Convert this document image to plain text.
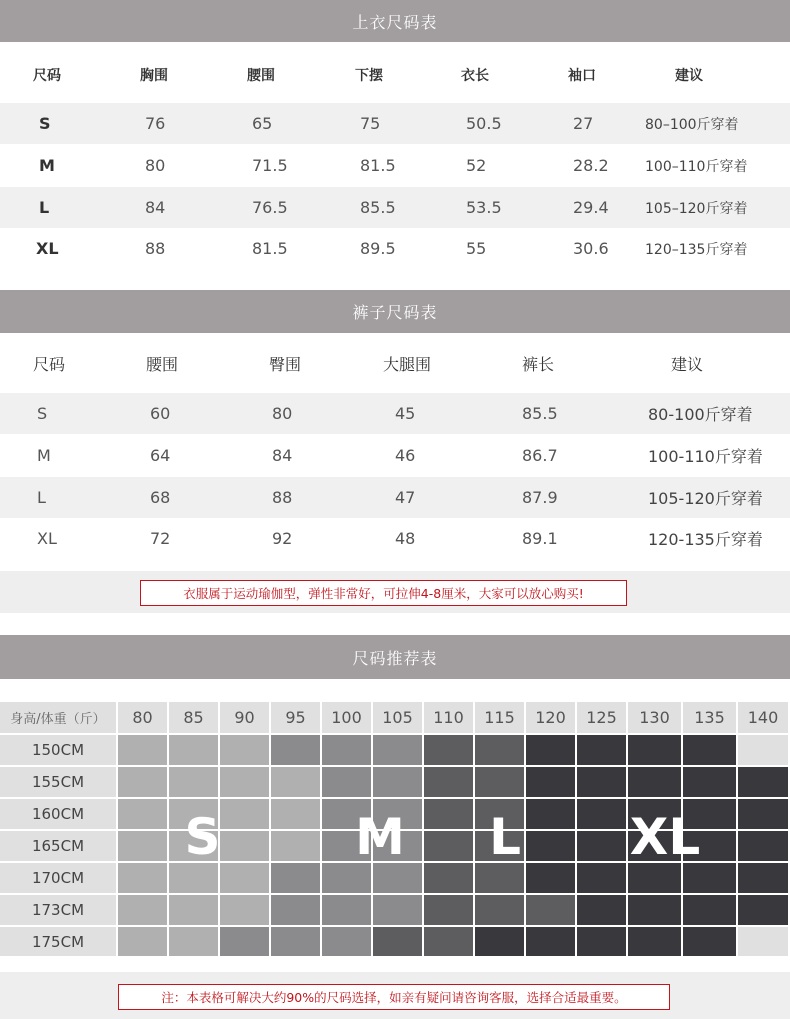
上衣尺码表
尺码	胸围	腰围	下摆	衣长	袖口	建议
S	76	65	75	50.5	27	80–100斤穿着
M	80	71.5	81.5	52	28.2	100–110斤穿着
L	84	76.5	85.5	53.5	29.4	105–120斤穿着
XL	88	81.5	89.5	55	30.6	120–135斤穿着
裤子尺码表
尺码	腰围	臀围	大腿围	裤长	建议
S	60	80	45	85.5	80-100斤穿着
M	64	84	46	86.7	100-110斤穿着
L	68	88	47	87.9	105-120斤穿着
XL	72	92	48	89.1	120-135斤穿着
衣服属于运动瑜伽型，弹性非常好，可拉伸4-8厘米，大家可以放心购买!
尺码推荐表
身高/体重（斤）	80	85	90	95	100	105	110	115	120	125	130	135	140
150CM
155CM
160CM
165CM
170CM
173CM
175CM
S	M L	XL
注：本表格可解决大约90%的尺码选择，如亲有疑问请咨询客服，选择合适最重要。
